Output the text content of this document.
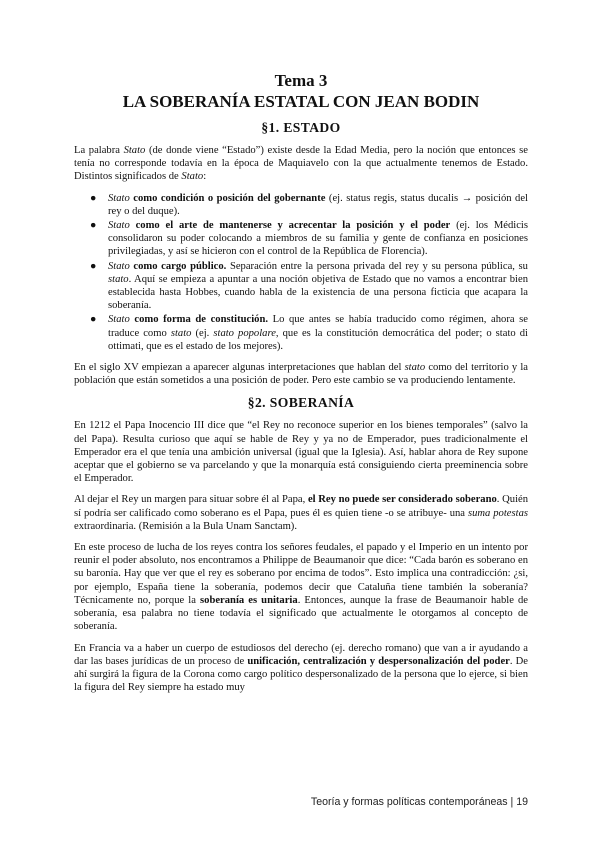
Tema 3
LA SOBERANÍA ESTATAL CON JEAN BODIN
§1. ESTADO

La palabra Stato (de donde viene “Estado”) existe desde la Edad Media, pero la noción que entonces se tenía no corresponde todavía en la época de Maquiavelo con la que actualmente tenemos de Estado. Distintos significados de Stato:

● Stato como condición o posición del gobernante (ej. status regis, status ducalis → posición del rey o del duque).
● Stato como el arte de mantenerse y acrecentar la posición y el poder (ej. los Médicis consolidaron su poder colocando a miembros de su familia y gente de confianza en posiciones privilegiadas, y así se hicieron con el control de la República de Florencia).
● Stato como cargo público. Separación entre la persona privada del rey y su persona pública, su stato. Aquí se empieza a apuntar a una noción objetiva de Estado que no vamos a encontrar bien establecida hasta Hobbes, cuando habla de la existencia de una persona ficticia que acapara la soberanía.
● Stato como forma de constitución. Lo que antes se había traducido como régimen, ahora se traduce como stato (ej. stato popolare, que es la constitución democrática del poder; o stato di ottimati, que es el estado de los mejores).

En el siglo XV empiezan a aparecer algunas interpretaciones que hablan del stato como del territorio y la población que están sometidos a una posición de poder. Pero este cambio se va produciendo lentamente.

§2. SOBERANÍA

En 1212 el Papa Inocencio III dice que “el Rey no reconoce superior en los bienes temporales” (salvo la del Papa). Resulta curioso que aquí se hable de Rey y ya no de Emperador, pues tradicionalmente el Emperador era el que tenía una ambición universal (igual que la Iglesia). Así, hablar ahora de Rey supone aceptar que el gobierno se va parcelando y que la monarquía está consiguiendo cierta preeminencia sobre el Emperador.

Al dejar el Rey un margen para situar sobre él al Papa, el Rey no puede ser considerado soberano. Quién sí podría ser calificado como soberano es el Papa, pues él es quien tiene -o se atribuye- una suma potestas extraordinaria. (Remisión a la Bula Unam Sanctam).

En este proceso de lucha de los reyes contra los señores feudales, el papado y el Imperio en un intento por reunir el poder absoluto, nos encontramos a Philippe de Beaumanoir que dice: “Cada barón es soberano en su baronía. Hay que ver que el rey es soberano por encima de todos”. Esto implica una contradicción: ¿si, por ejemplo, España tiene la soberanía, podemos decir que Cataluña tiene también la soberanía? Técnicamente no, porque la soberanía es unitaria. Entonces, aunque la frase de Beaumanoir hable de soberanía, esa palabra no tiene todavía el significado que actualmente le otorgamos al concepto de soberanía.

En Francia va a haber un cuerpo de estudiosos del derecho (ej. derecho romano) que van a ir ayudando a dar las bases jurídicas de un proceso de unificación, centralización y despersonalización del poder. De ahí surgirá la figura de la Corona como cargo político despersonalizado de la persona que lo ejerce, si bien la figura del Rey siempre ha estado muy

Teoría y formas políticas contemporáneas | 19
